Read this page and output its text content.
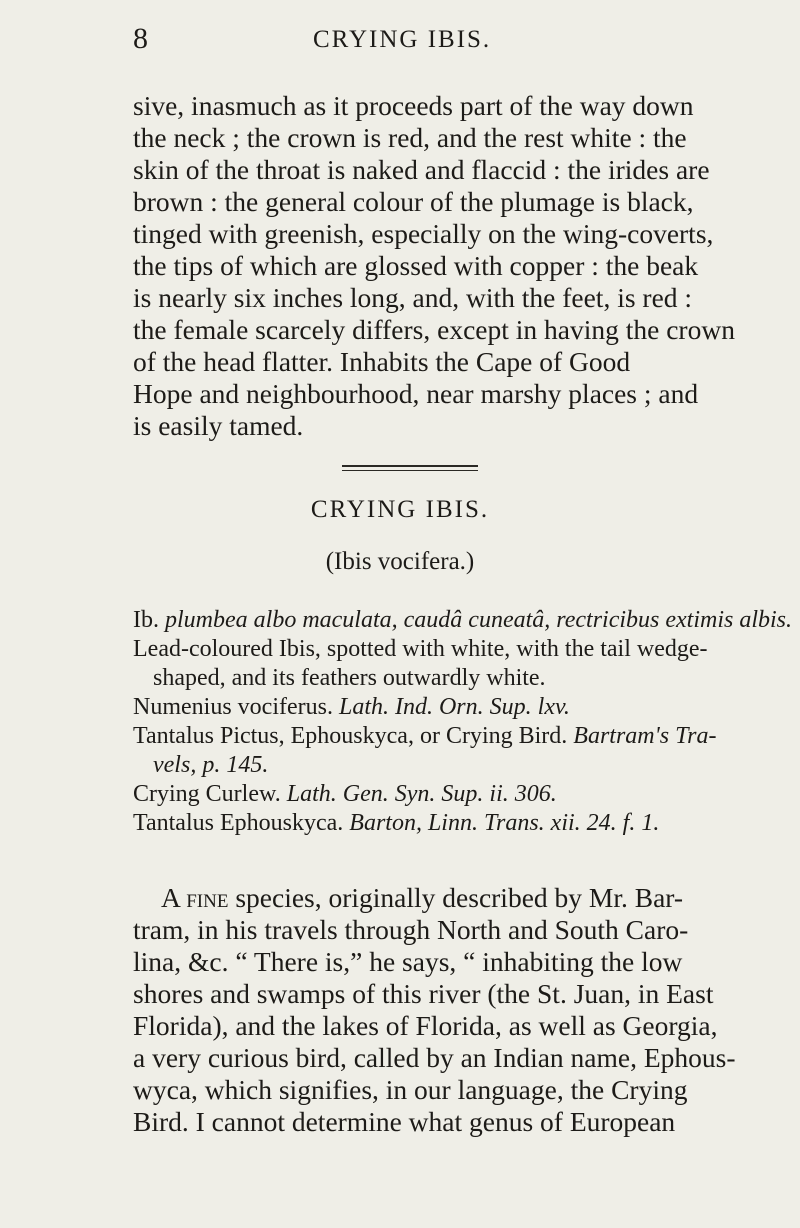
8	CRYING IBIS.
sive, inasmuch as it proceeds part of the way down
the neck ; the crown is red, and the rest white : the
skin of the throat is naked and flaccid : the irides are
brown : the general colour of the plumage is black,
tinged with greenish, especially on the wing-coverts,
the tips of which are glossed with copper : the beak
is nearly six inches long, and, with the feet, is red :
the female scarcely differs, except in having the crown
of the head flatter. Inhabits the Cape of Good
Hope and neighbourhood, near marshy places ; and
is easily tamed.
CRYING IBIS.
(Ibis vocifera.)
Ib. plumbea albo maculata, caudâ cuneatâ, rectricibus extimis albis.
Lead-coloured Ibis, spotted with white, with the tail wedge-
shaped, and its feathers outwardly white.
Numenius vociferus. Lath. Ind. Orn. Sup. lxv.
Tantalus Pictus, Ephouskyca, or Crying Bird. Bartram's Tra-
vels, p. 145.
Crying Curlew. Lath. Gen. Syn. Sup. ii. 306.
Tantalus Ephouskyca. Barton, Linn. Trans. xii. 24. f. 1.
A fine species, originally described by Mr. Bar-
tram, in his travels through North and South Caro-
lina, &c. “ There is,” he says, “ inhabiting the low
shores and swamps of this river (the St. Juan, in East
Florida), and the lakes of Florida, as well as Georgia,
a very curious bird, called by an Indian name, Ephous-
wyca, which signifies, in our language, the Crying
Bird. I cannot determine what genus of European
